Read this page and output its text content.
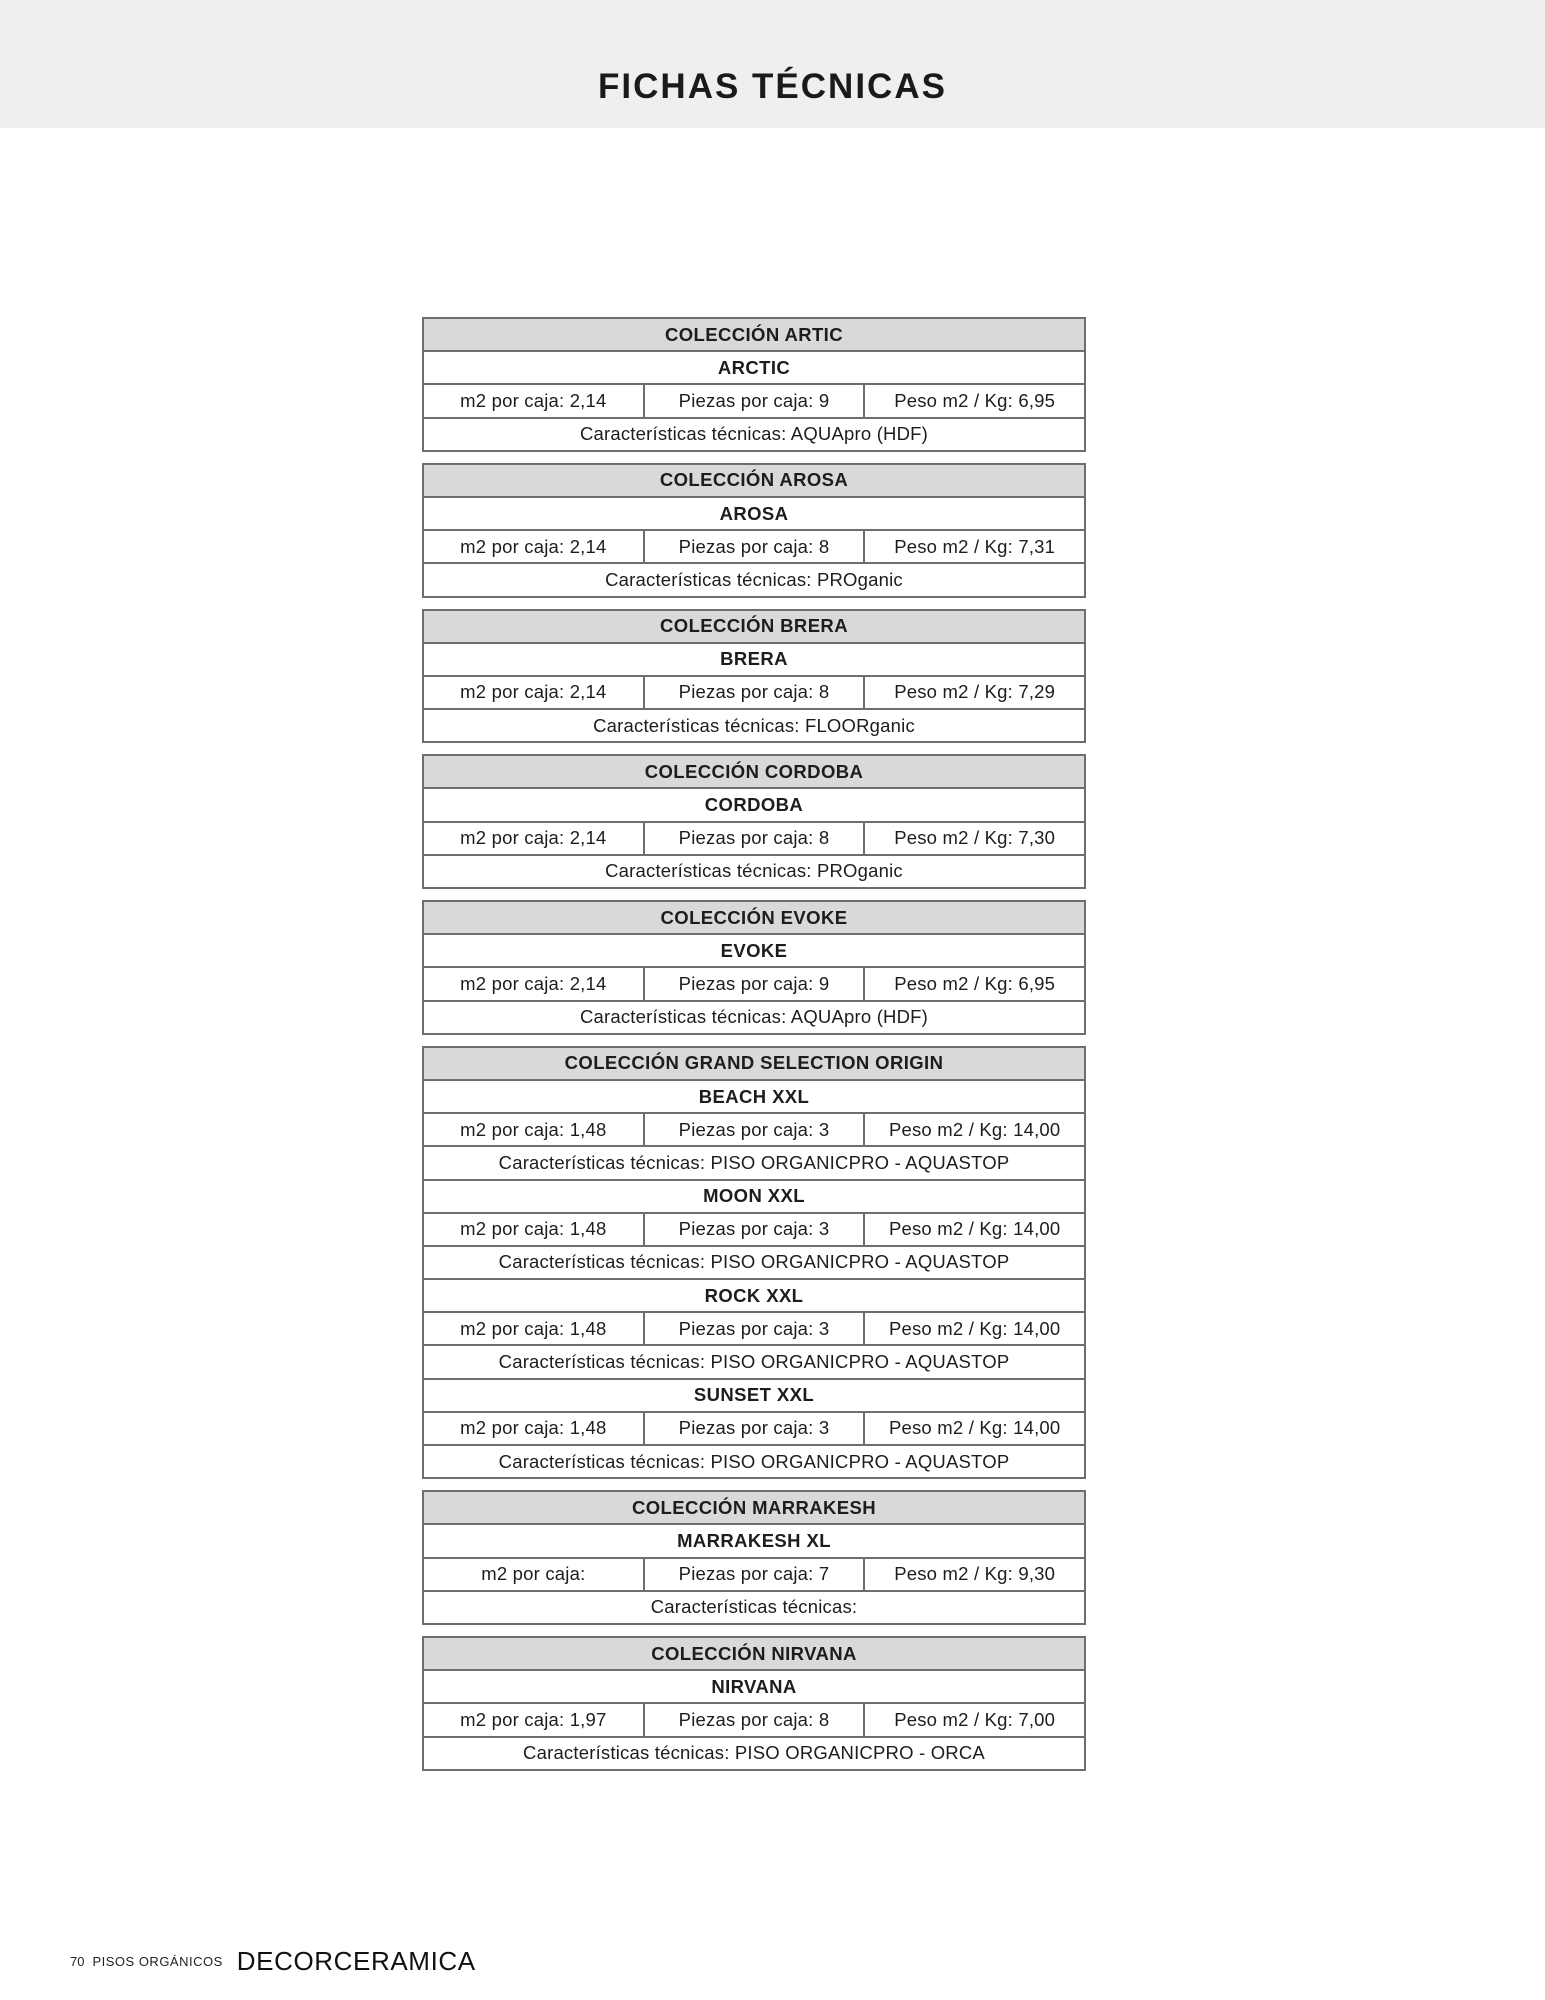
FICHAS TÉCNICAS
COLECCIÓN ARTIC
ARCTIC
m2 por caja: 2,14	Piezas por caja: 9	Peso m2 / Kg: 6,95
Características técnicas: AQUApro (HDF)
COLECCIÓN AROSA
AROSA
m2 por caja: 2,14	Piezas por caja: 8	Peso m2 / Kg: 7,31
Características técnicas: PROganic
COLECCIÓN BRERA
BRERA
m2 por caja: 2,14	Piezas por caja: 8	Peso m2 / Kg: 7,29
Características técnicas: FLOORganic
COLECCIÓN CORDOBA
CORDOBA
m2 por caja: 2,14	Piezas por caja: 8	Peso m2 / Kg: 7,30
Características técnicas: PROganic
COLECCIÓN EVOKE
EVOKE
m2 por caja: 2,14	Piezas por caja: 9	Peso m2 / Kg: 6,95
Características técnicas: AQUApro (HDF)
COLECCIÓN GRAND SELECTION ORIGIN
BEACH XXL
m2 por caja: 1,48	Piezas por caja: 3	Peso m2 / Kg: 14,00
Características técnicas: PISO ORGANICPRO - AQUASTOP
MOON XXL
m2 por caja: 1,48	Piezas por caja: 3	Peso m2 / Kg: 14,00
Características técnicas: PISO ORGANICPRO - AQUASTOP
ROCK XXL
m2 por caja: 1,48	Piezas por caja: 3	Peso m2 / Kg: 14,00
Características técnicas: PISO ORGANICPRO - AQUASTOP
SUNSET XXL
m2 por caja: 1,48	Piezas por caja: 3	Peso m2 / Kg: 14,00
Características técnicas: PISO ORGANICPRO - AQUASTOP
COLECCIÓN MARRAKESH
MARRAKESH XL
m2 por caja:	Piezas por caja: 7	Peso m2 / Kg: 9,30
Características técnicas:
COLECCIÓN NIRVANA
NIRVANA
m2 por caja: 1,97	Piezas por caja: 8	Peso m2 / Kg: 7,00
Características técnicas: PISO ORGANICPRO - ORCA
70 PISOS ORGÁNICOS DECORCERAMICA
